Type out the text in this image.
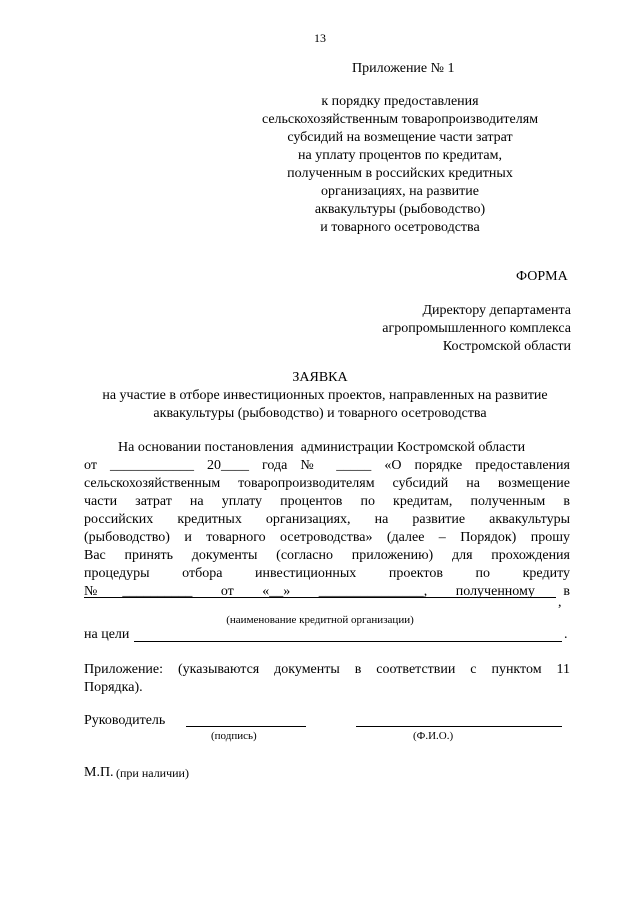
13
Приложение № 1
к порядку предоставления
сельскохозяйственным товаропроизводителям
субсидий на возмещение части затрат
на уплату процентов по кредитам,
полученным в российских кредитных
организациях, на развитие
аквакультуры (рыбоводство)
и товарного осетроводства
ФОРМА
Директору департамента
агропромышленного комплекса
Костромской области
ЗАЯВКА
на участие в отборе инвестиционных проектов, направленных на развитие
аквакультуры (рыбоводство) и товарного осетроводства
На основании постановления  администрации Костромской области
от ____________ 20____ года № _____ «О порядке предоставления
сельскохозяйственным товаропроизводителям субсидий на возмещение
части затрат на уплату процентов по кредитам, полученным в
российских кредитных организациях, на развитие аквакультуры
(рыбоводство) и товарного осетроводства» (далее – Порядок) прошу
Вас принять документы (согласно приложению) для прохождения
процедуры отбора инвестиционных проектов по кредиту
№__________ от «__» _______________, полученному в
,
(наименование кредитной организации)
на цели	.
Приложение: (указываются документы в соответствии с пунктом 11
Порядка).
Руководитель
(подпись)	(Ф.И.О.)
М.П. (при наличии)
